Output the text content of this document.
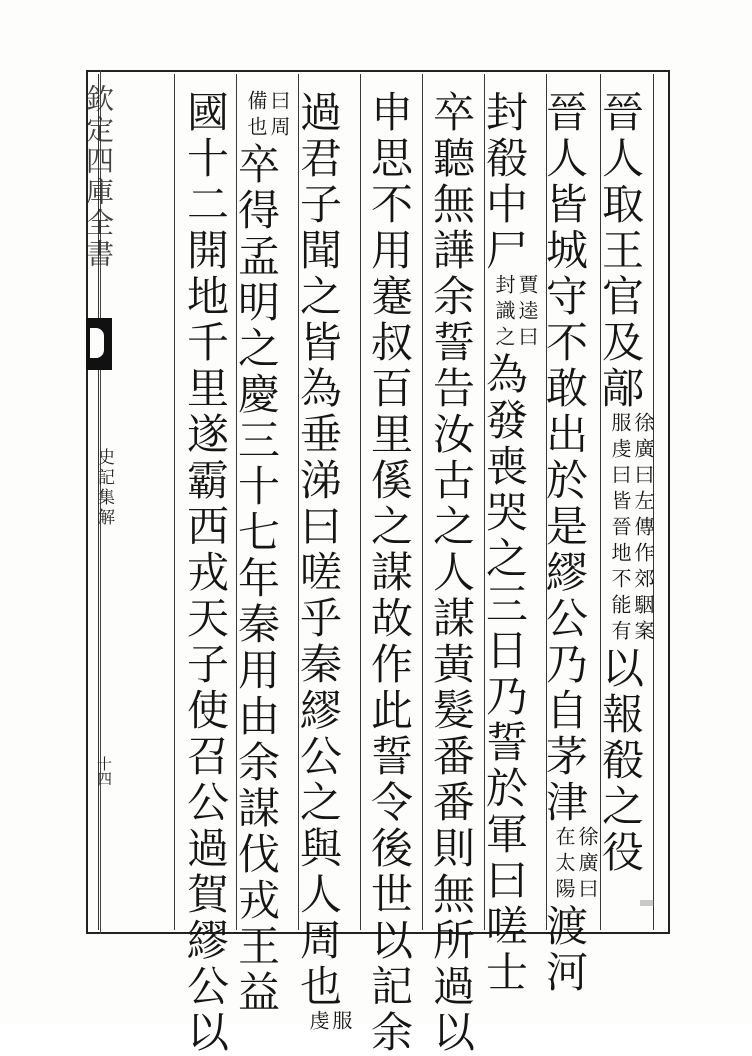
欽定四庫全書
史記集解
十四
晉人取王官及鄗
徐廣曰左傳作郊駰案
服虔曰皆晉地不能有
以報殽之役
晉人皆城守不敢出於是繆公乃自茅津
徐廣曰
在太陽
渡河
封殽中尸
賈逵曰
封識之
為發喪哭之三日乃誓於軍曰嗟士
卒聽無譁余誓告汝古之人謀黃髮番番則無所過以
申思不用蹇叔百里傒之謀故作此誓令後世以記余
過君子聞之皆為垂涕曰嗟乎秦繆公之與人周也
服
虔
曰周
備也
卒得孟明之慶三十七年秦用由余謀伐戎王益
國十二開地千里遂霸西戎天子使召公過賀繆公以
